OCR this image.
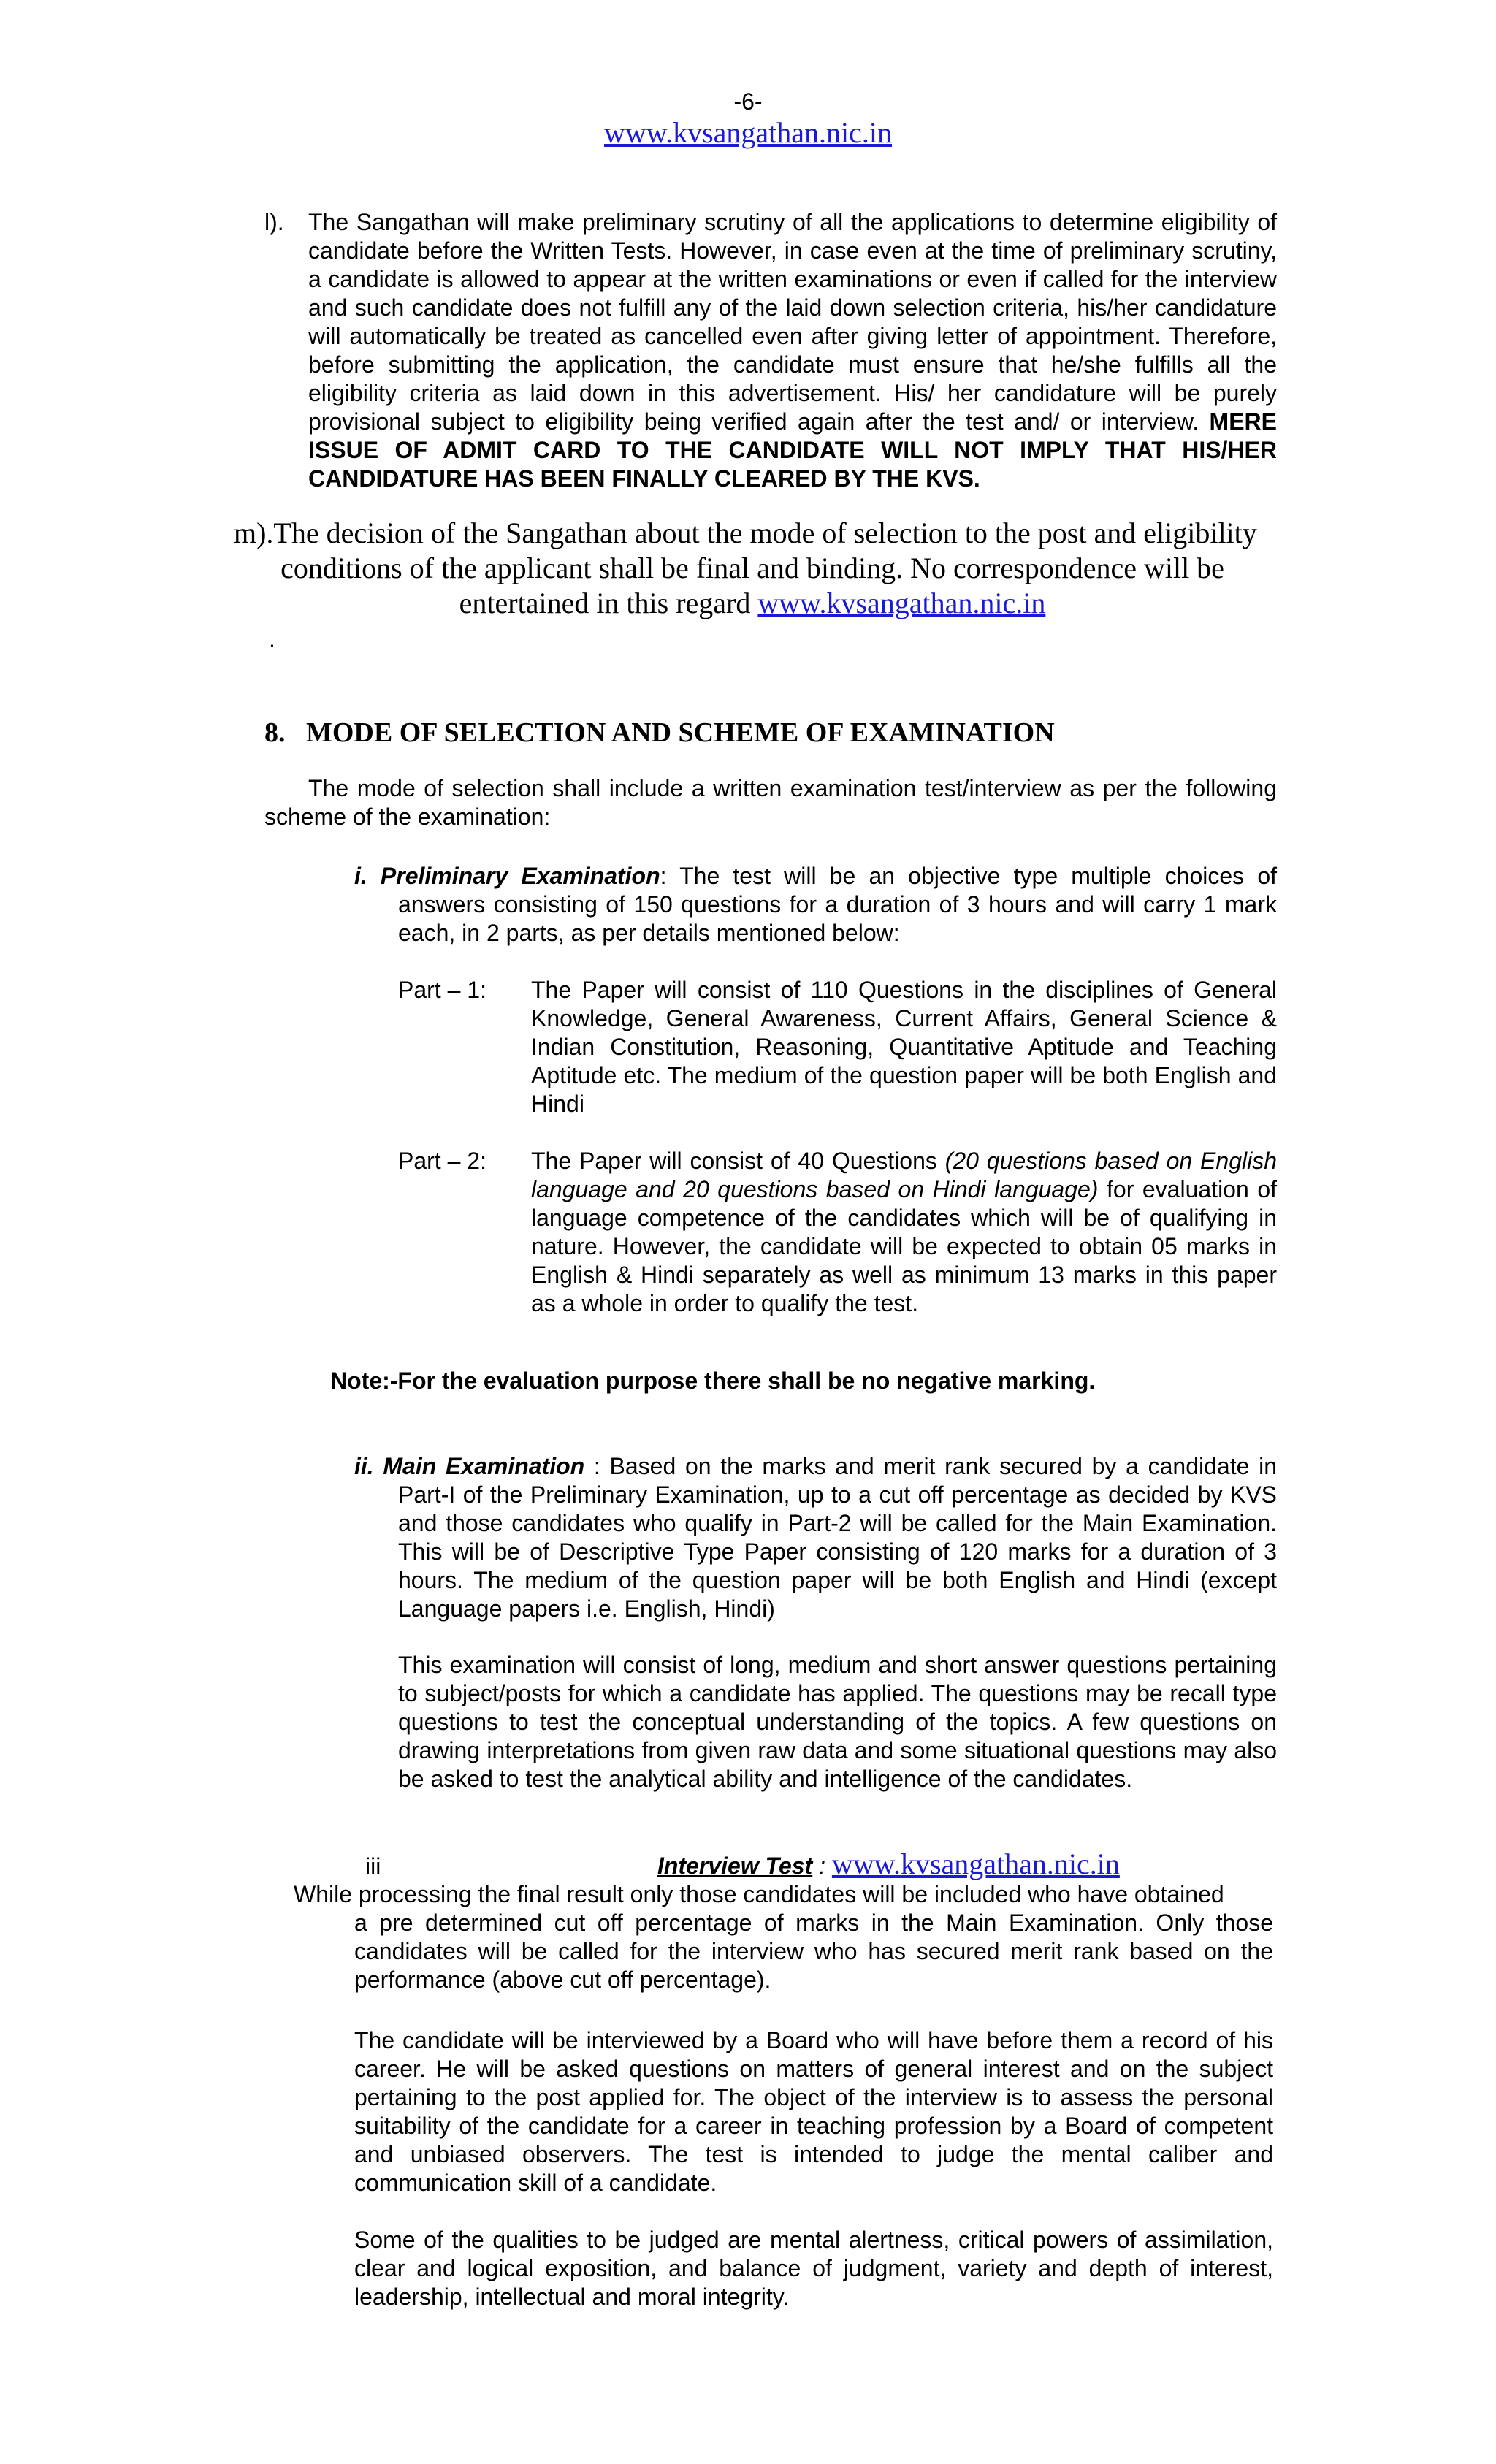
-6-
www.kvsangathan.nic.in
l). The Sangathan will make preliminary scrutiny of all the applications to determine eligibility of candidate before the Written Tests. However, in case even at the time of preliminary scrutiny, a candidate is allowed to appear at the written examinations or even if called for the interview and such candidate does not fulfill any of the laid down selection criteria, his/her candidature will automatically be treated as cancelled even after giving letter of appointment. Therefore, before submitting the application, the candidate must ensure that he/she fulfills all the eligibility criteria as laid down in this advertisement. His/ her candidature will be purely provisional subject to eligibility being verified again after the test and/ or interview. MERE ISSUE OF ADMIT CARD TO THE CANDIDATE WILL NOT IMPLY THAT HIS/HER CANDIDATURE HAS BEEN FINALLY CLEARED BY THE KVS.

m).The decision of the Sangathan about the mode of selection to the post and eligibility
conditions of the applicant shall be final and binding. No correspondence will be
entertained in this regard www.kvsangathan.nic.in
.
8.   MODE OF SELECTION AND SCHEME OF EXAMINATION

The mode of selection shall include a written examination test/interview as per the following scheme of the examination:

i. Preliminary Examination: The test will be an objective type multiple choices of answers consisting of 150 questions for a duration of 3 hours and will carry 1 mark each, in 2 parts, as per details mentioned below:

Part – 1: The Paper will consist of 110 Questions in the disciplines of General Knowledge, General Awareness, Current Affairs, General Science & Indian Constitution, Reasoning, Quantitative Aptitude and Teaching Aptitude etc. The medium of the question paper will be both English and Hindi

Part – 2: The Paper will consist of 40 Questions (20 questions based on English language and 20 questions based on Hindi language) for evaluation of language competence of the candidates which will be of qualifying in nature. However, the candidate will be expected to obtain 05 marks in English & Hindi separately as well as minimum 13 marks in this paper as a whole in order to qualify the test.

Note:-For the evaluation purpose there shall be no negative marking.

ii. Main Examination : Based on the marks and merit rank secured by a candidate in Part-I of the Preliminary Examination, up to a cut off percentage as decided by KVS and those candidates who qualify in Part-2 will be called for the Main Examination. This will be of Descriptive Type Paper consisting of 120 marks for a duration of 3 hours. The medium of the question paper will be both English and Hindi (except Language papers i.e. English, Hindi)

This examination will consist of long, medium and short answer questions pertaining to subject/posts for which a candidate has applied. The questions may be recall type questions to test the conceptual understanding of the topics. A few questions on drawing interpretations from given raw data and some situational questions may also be asked to test the analytical ability and intelligence of the candidates.

iii	Interview Test : www.kvsangathan.nic.in
While processing the final result only those candidates will be included who have obtained

a pre determined cut off percentage of marks in the Main Examination. Only those candidates will be called for the interview who has secured merit rank based on the performance (above cut off percentage).

The candidate will be interviewed by a Board who will have before them a record of his career. He will be asked questions on matters of general interest and on the subject pertaining to the post applied for. The object of the interview is to assess the personal suitability of the candidate for a career in teaching profession by a Board of competent and unbiased observers. The test is intended to judge the mental caliber and communication skill of a candidate.

Some of the qualities to be judged are mental alertness, critical powers of assimilation, clear and logical exposition, and balance of judgment, variety and depth of interest, leadership, intellectual and moral integrity.
